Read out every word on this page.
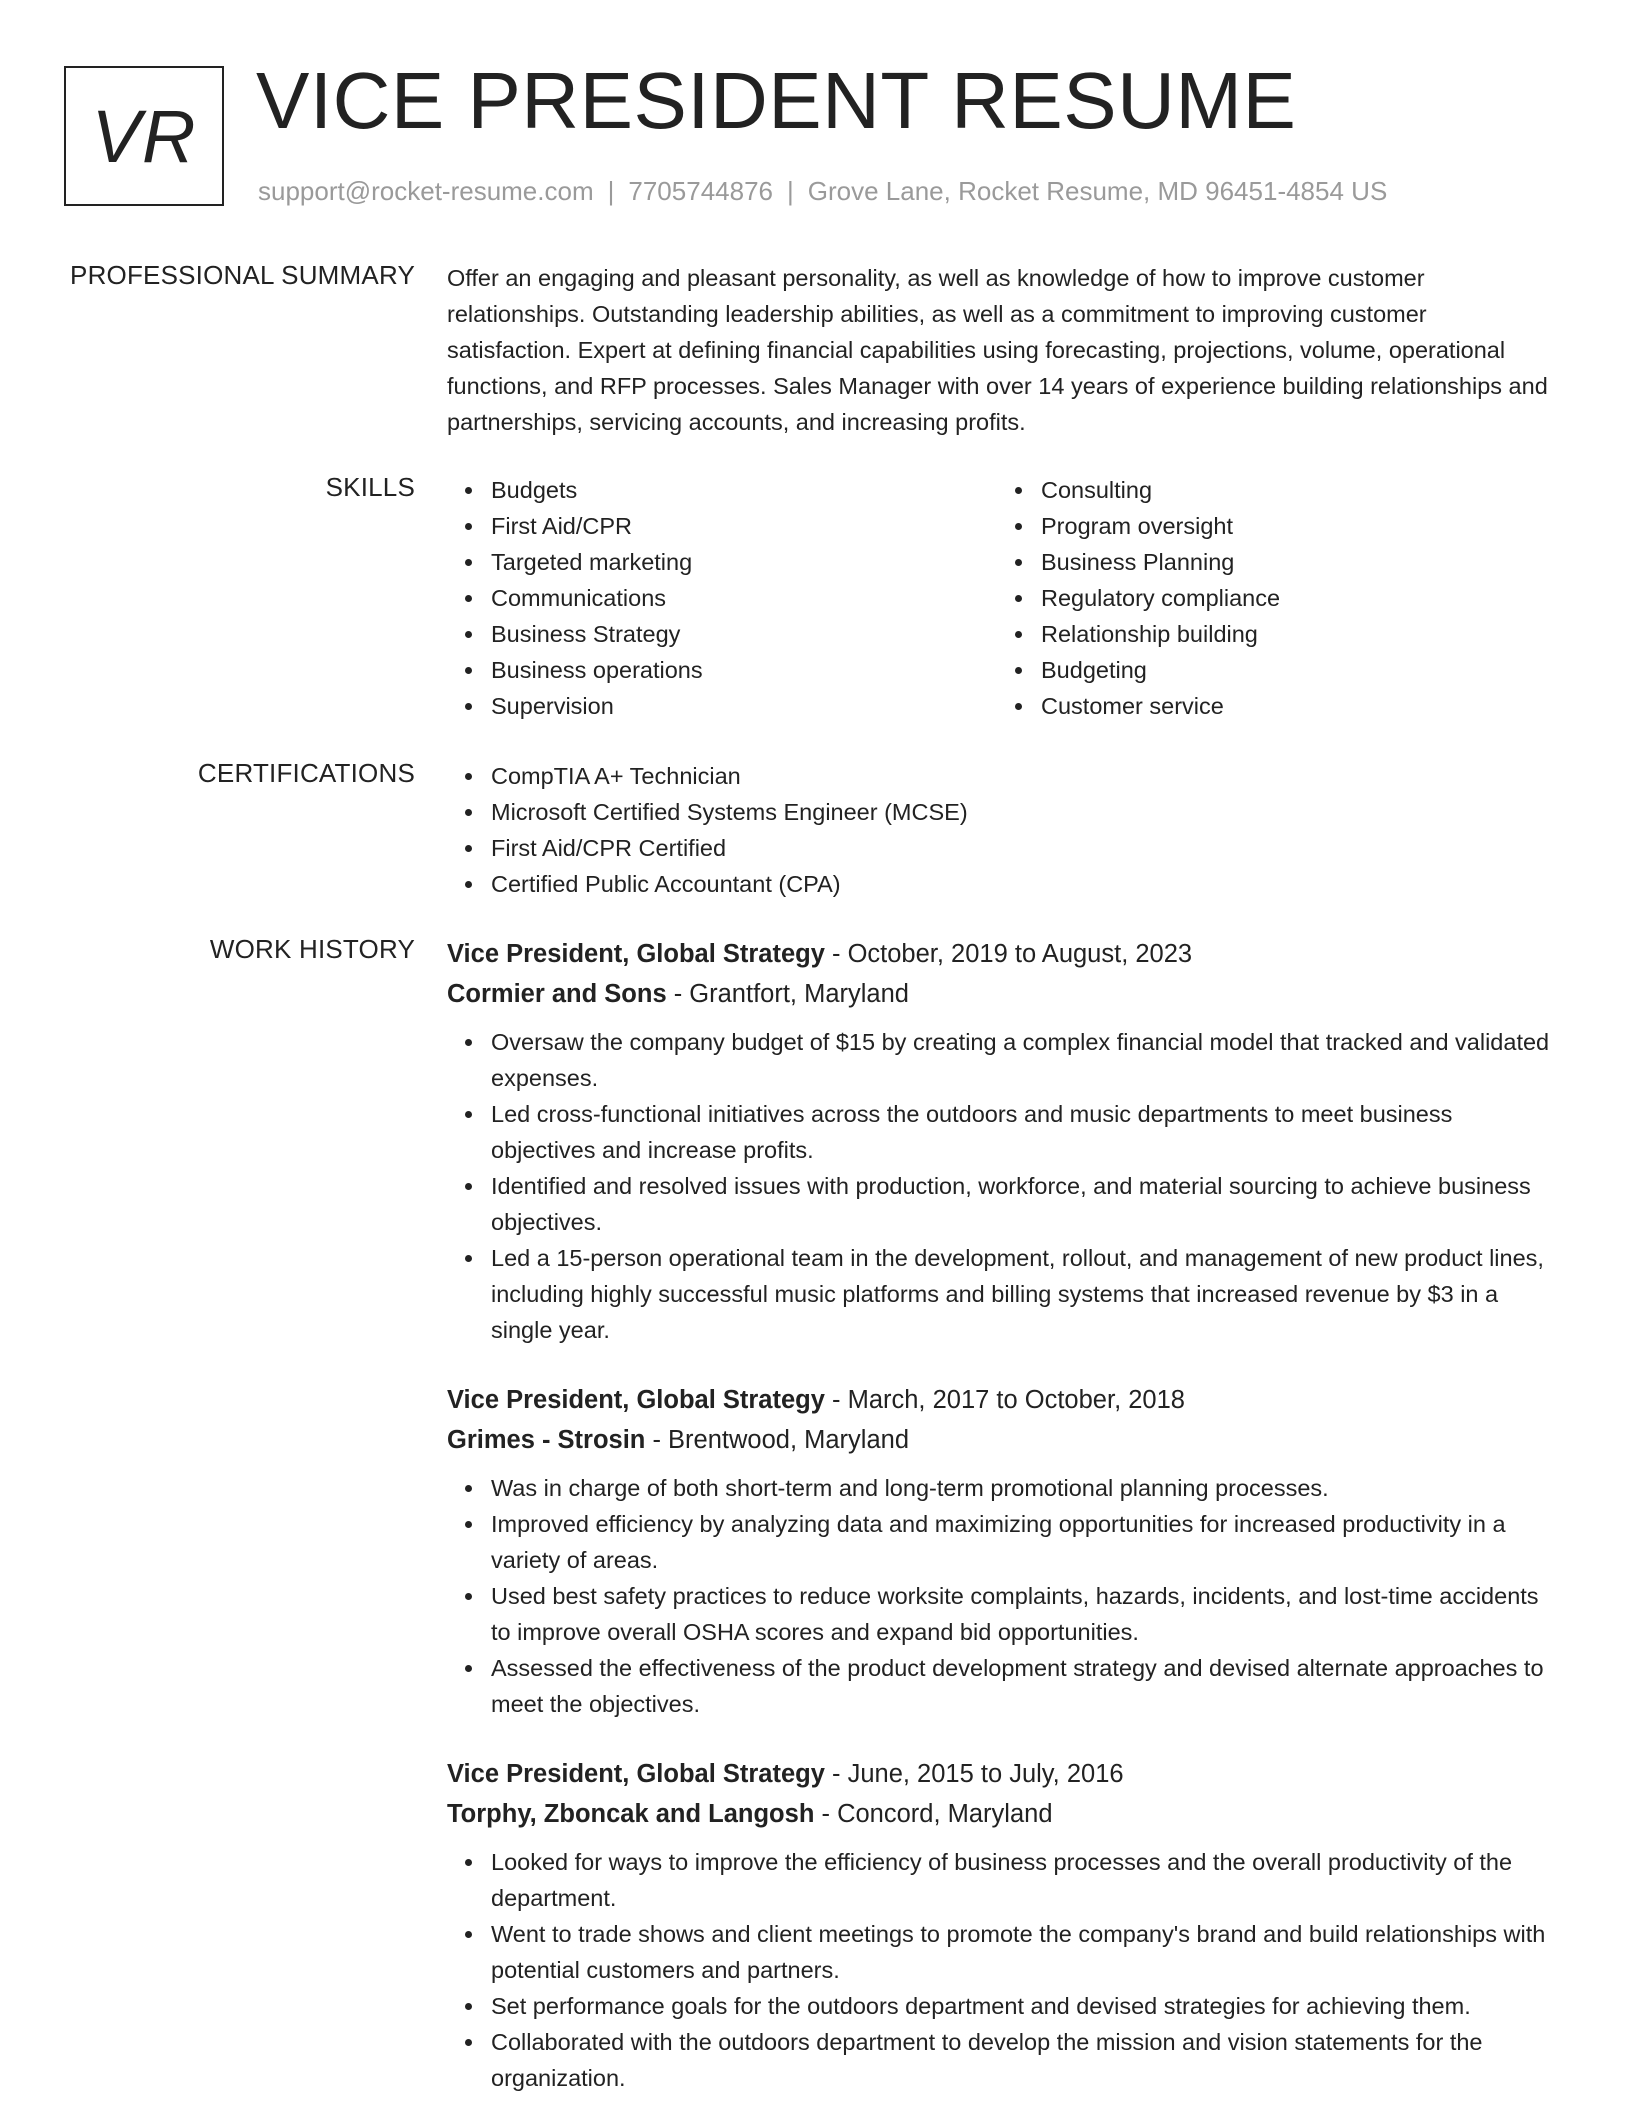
VR VICE PRESIDENT RESUME
support@rocket-resume.com | 7705744876 | Grove Lane, Rocket Resume, MD 96451-4854 US
PROFESSIONAL SUMMARY Offer an engaging and pleasant personality, as well as knowledge of how to improve customer relationships. Outstanding leadership abilities, as well as a commitment to improving customer satisfaction. Expert at defining financial capabilities using forecasting, projections, volume, operational functions, and RFP processes. Sales Manager with over 14 years of experience building relationships and partnerships, servicing accounts, and increasing profits.

SKILLS	Budgets
First Aid/CPR
Targeted marketing
Communications
Business Strategy
Business operations
Supervision
Consulting
Program oversight
Business Planning
Regulatory compliance
Relationship building
Budgeting
Customer service
CERTIFICATIONS	CompTIA A+ Technician
Microsoft Certified Systems Engineer (MCSE)
First Aid/CPR Certified
Certified Public Accountant (CPA)
WORK HISTORY Vice President, Global Strategy - October, 2019 to August, 2023
Cormier and Sons - Grantfort, Maryland
Oversaw the company budget of $15 by creating a complex financial model that tracked and validated expenses.
Led cross-functional initiatives across the outdoors and music departments to meet business objectives and increase profits.
Identified and resolved issues with production, workforce, and material sourcing to achieve business objectives.
Led a 15-person operational team in the development, rollout, and management of new product lines, including highly successful music platforms and billing systems that increased revenue by $3 in a single year.
Vice President, Global Strategy - March, 2017 to October, 2018
Grimes - Strosin - Brentwood, Maryland
Was in charge of both short-term and long-term promotional planning processes.
Improved efficiency by analyzing data and maximizing opportunities for increased productivity in a variety of areas.
Used best safety practices to reduce worksite complaints, hazards, incidents, and lost-time accidents to improve overall OSHA scores and expand bid opportunities.
Assessed the effectiveness of the product development strategy and devised alternate approaches to meet the objectives.
Vice President, Global Strategy - June, 2015 to July, 2016
Torphy, Zboncak and Langosh - Concord, Maryland
Looked for ways to improve the efficiency of business processes and the overall productivity of the department.
Went to trade shows and client meetings to promote the company's brand and build relationships with potential customers and partners.
Set performance goals for the outdoors department and devised strategies for achieving them.
Collaborated with the outdoors department to develop the mission and vision statements for the organization.
